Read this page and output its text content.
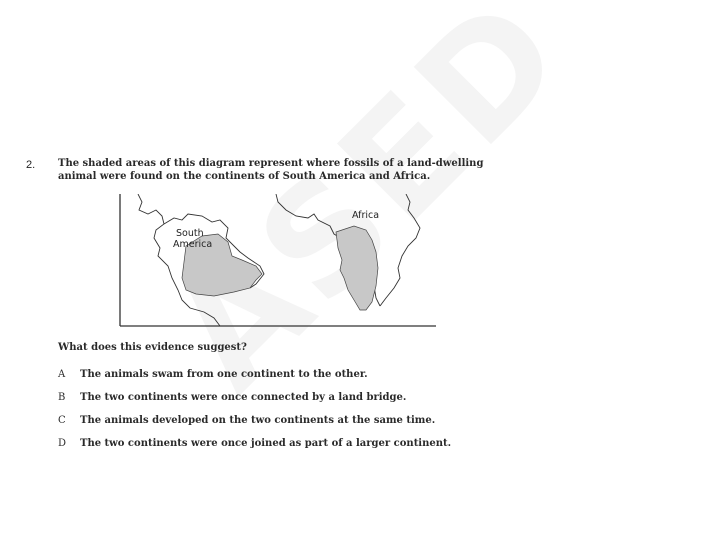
2. The shaded areas of this diagram represent where fossils of a land-dwelling animal were found on the continents of South America and Africa.
South
America
Africa
What does this evidence suggest?
A The animals swam from one continent to the other.
B The two continents were once connected by a land bridge.
C The animals developed on the two continents at the same time.
D The two continents were once joined as part of a larger continent.
